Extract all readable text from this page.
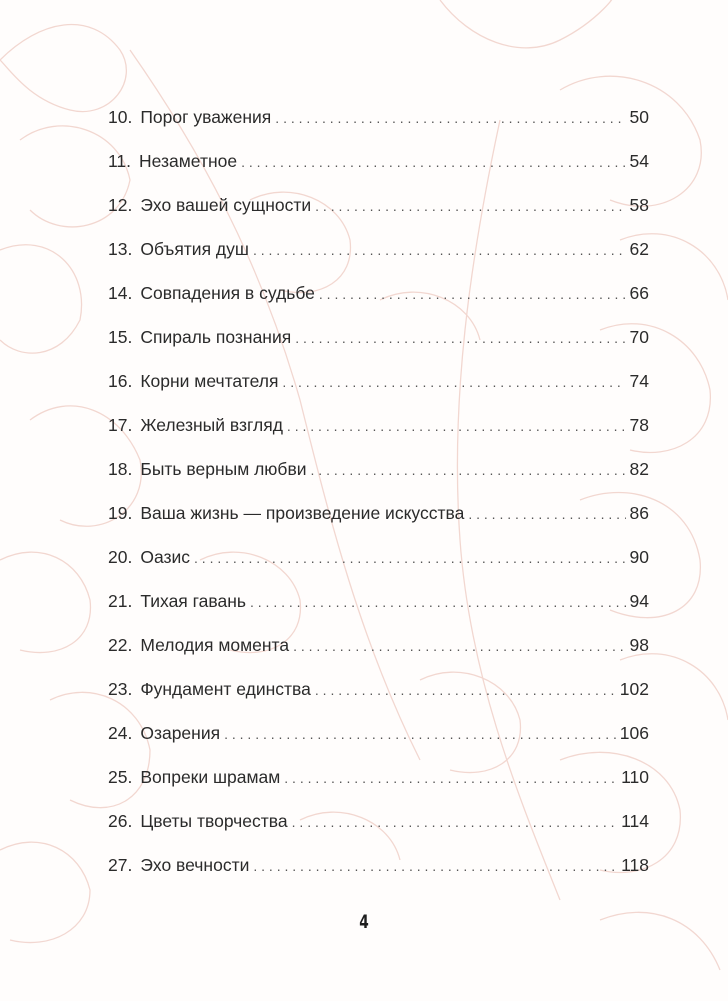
10. Порог уважения . . .	50
11. Незаметное . . .	54
12. Эхо вашей сущности . . .	58
13. Объятия душ . . .	62
14. Совпадения в судьбе . . .	66
15. Спираль познания . . .	70
16. Корни мечтателя . . .	74
17. Железный взгляд . . .	78
18. Быть верным любви . . .	82
19. Ваша жизнь — произведение искусства . . .	86
20. Оазис . . .	90
21. Тихая гавань . . .	94
22. Мелодия момента . . .	98
23. Фундамент единства . . .	102
24. Озарения . . .	106
25. Вопреки шрамам . . .	110
26. Цветы творчества . . .	114
27. Эхо вечности . . .	118
4
